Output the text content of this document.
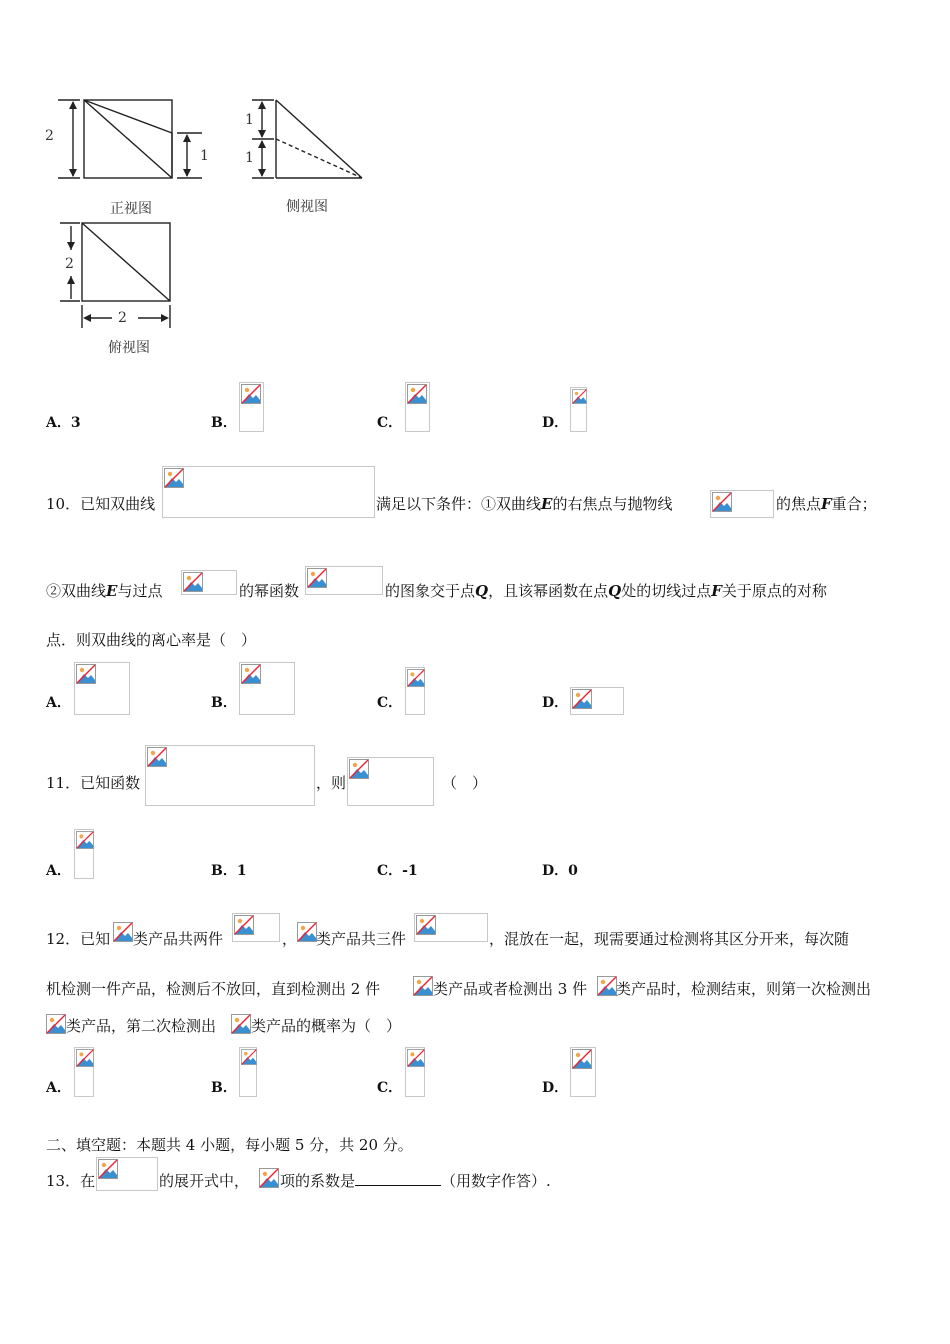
2
1
正视图
1
1
侧视图
2
2
俯视图
A．3	B．	C．	D．
10．已知双曲线	满足以下条件：①双曲线E的右焦点与抛物线	的焦点F重合；
②双曲线E与过点	的幂函数	的图象交于点Q，且该幂函数在点Q处的切线过点F关于原点的对称
点．则双曲线的离心率是（　）
A．	B．	C．	D．
11．已知函数	，则	（　）
A．	B．1	C．-1	D．0
12．已知 类产品共两件	， 类产品共三件	，混放在一起，现需要通过检测将其区分开来，每次随
机检测一件产品，检测后不放回，直到检测出 2 件	类产品或者检测出 3 件 类产品时，检测结束，则第一次检测出
类产品，第二次检测出 类产品的概率为（　）
A．	B．	C．	D．
二、填空题：本题共 4 小题，每小题 5 分，共 20 分。
13．在	的展开式中， 项的系数是	（用数字作答）.
